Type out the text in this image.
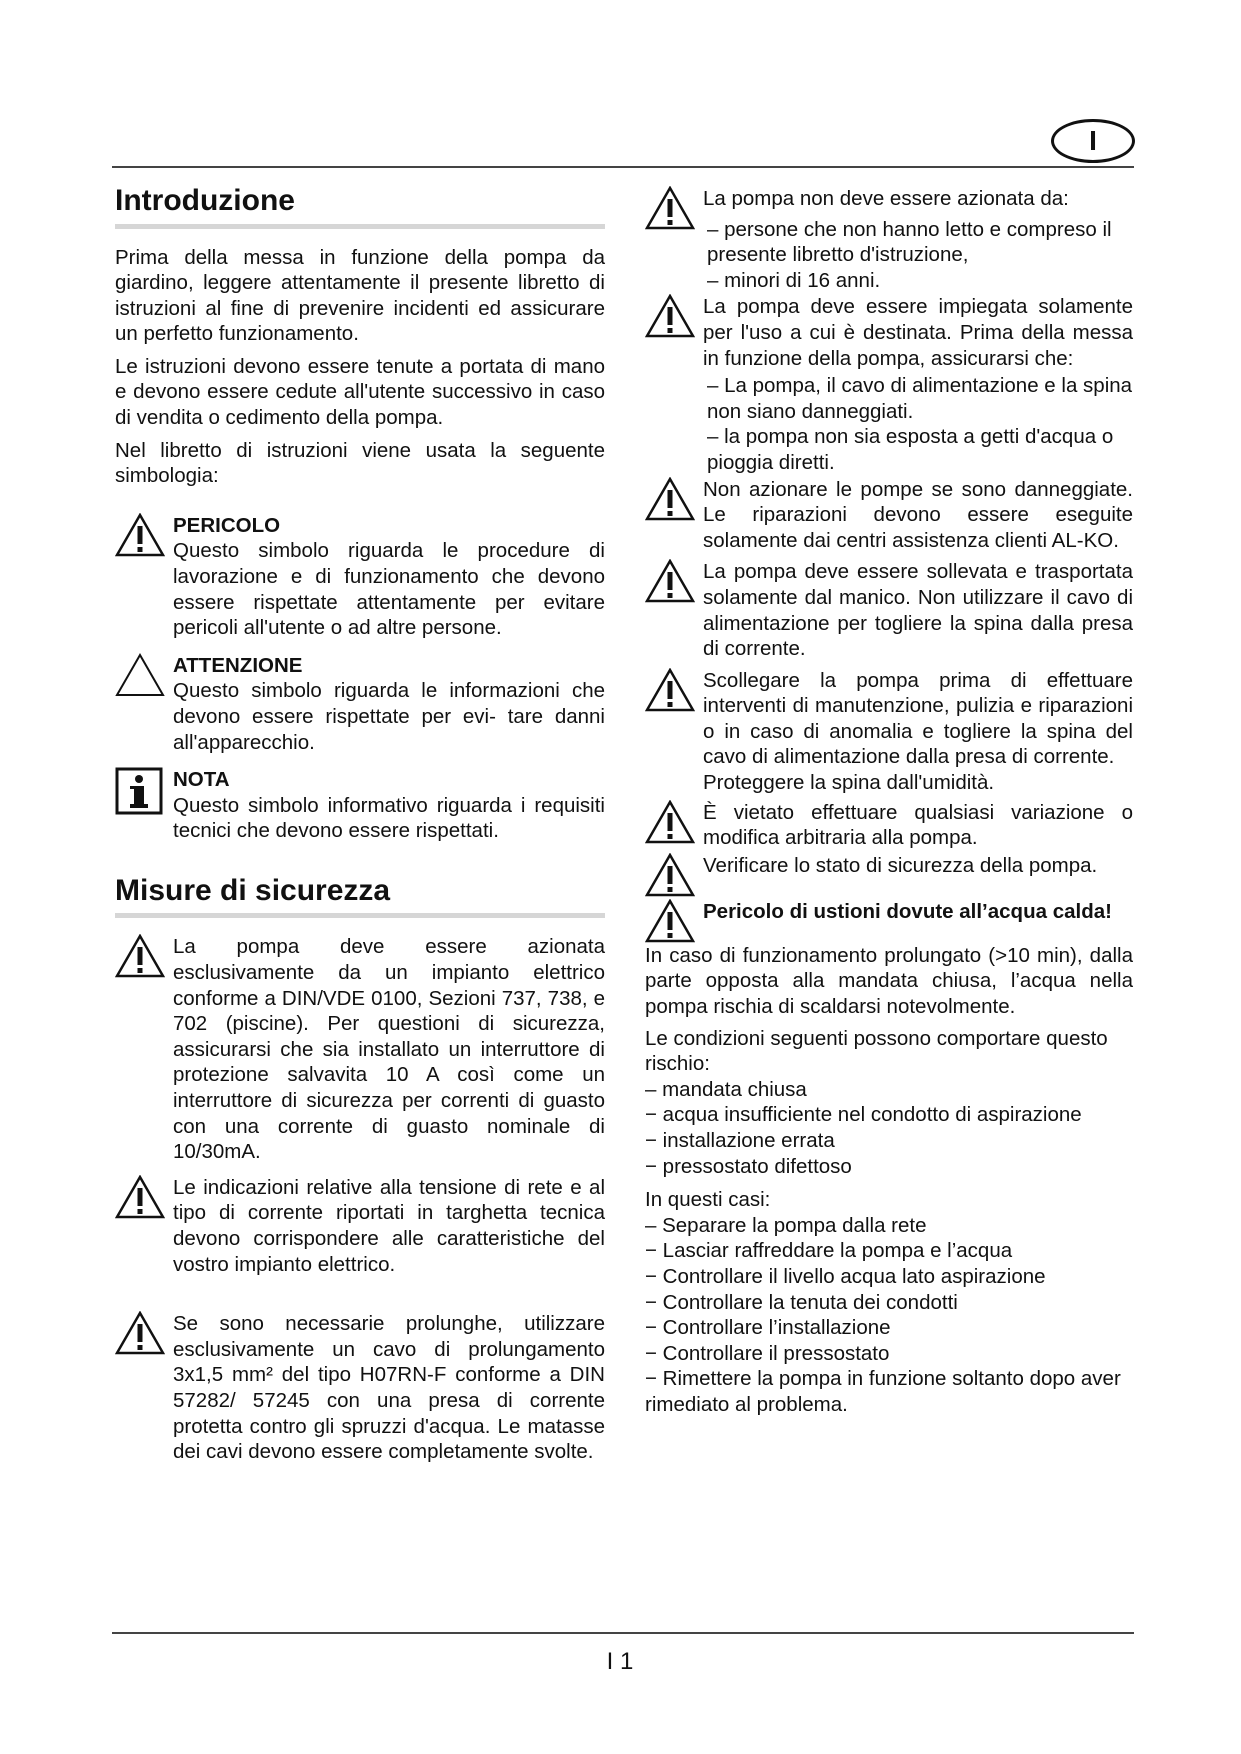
I
Introduzione

Prima della messa in funzione della pompa da giardino, leggere attentamente il presente libretto di istruzioni al fine di prevenire incidenti ed assicurare un perfetto funzionamento.

Le istruzioni devono essere tenute a portata di mano e devono essere cedute all'utente successivo in caso di vendita o cedimento della pompa.

Nel libretto di istruzioni viene usata la seguente simbologia:

PERICOLO

Questo simbolo riguarda le procedure di lavorazione e di funzionamento che devono essere rispettate attentamente per evitare pericoli all'utente o ad altre persone.

ATTENZIONE

Questo simbolo riguarda le informazioni che devono essere rispettate per evi- tare danni all'apparecchio.

NOTA

Questo simbolo informativo riguarda i requisiti tecnici che devono essere rispettati.

Misure di sicurezza

La pompa deve essere azionata esclusivamente da un impianto elettrico conforme a DIN/VDE 0100, Sezioni 737, 738, e 702 (piscine). Per questioni di sicurezza, assicurarsi che sia installato un interruttore di protezione salvavita 10 A così come un interruttore di sicurezza per correnti di guasto con una corrente di guasto nominale di 10/30mA.

Le indicazioni relative alla tensione di rete e al tipo di corrente riportati in targhetta tecnica devono corrispondere alle caratteristiche del vostro impianto elettrico.

Se sono necessarie prolunghe, utilizzare esclusivamente un cavo di prolungamento 3x1,5 mm² del tipo H07RN-F conforme a DIN 57282/ 57245 con una presa di corrente protetta contro gli spruzzi d'acqua. Le matasse dei cavi devono essere completamente svolte.

La pompa non deve essere azionata da:

– persone che non hanno letto e compreso il presente libretto d'istruzione,
– minori di 16 anni.

La pompa deve essere impiegata solamente per l'uso a cui è destinata. Prima della messa in funzione della pompa, assicurarsi che:

– La pompa, il cavo di alimentazione e la spina non siano danneggiati.
– la pompa non sia esposta a getti d'acqua o pioggia diretti.

Non azionare le pompe se sono danneggiate. Le riparazioni devono essere eseguite solamente dai centri assistenza clienti AL-KO.

La pompa deve essere sollevata e trasportata solamente dal manico. Non utilizzare il cavo di alimentazione per togliere la spina dalla presa di corrente.

Scollegare la pompa prima di effettuare interventi di manutenzione, pulizia e riparazioni o in caso di anomalia e togliere la spina del cavo di alimentazione dalla presa di corrente.

Proteggere la spina dall'umidità.

È vietato effettuare qualsiasi variazione o modifica arbitraria alla pompa.

Verificare lo stato di sicurezza della pompa.

Pericolo di ustioni dovute all’acqua calda!

In caso di funzionamento prolungato (>10 min), dalla parte opposta alla mandata chiusa, l’acqua nella pompa rischia di scaldarsi notevolmente.

Le condizioni seguenti possono comportare questo rischio:

– mandata chiusa
− acqua insufficiente nel condotto di aspirazione
− installazione errata
− pressostato difettoso

In questi casi:

– Separare la pompa dalla rete
− Lasciar raffreddare la pompa e l’acqua
− Controllare il livello acqua lato aspirazione
− Controllare la tenuta dei condotti
− Controllare l’installazione
− Controllare il pressostato
− Rimettere la pompa in funzione soltanto dopo aver rimediato al problema.
I 1
